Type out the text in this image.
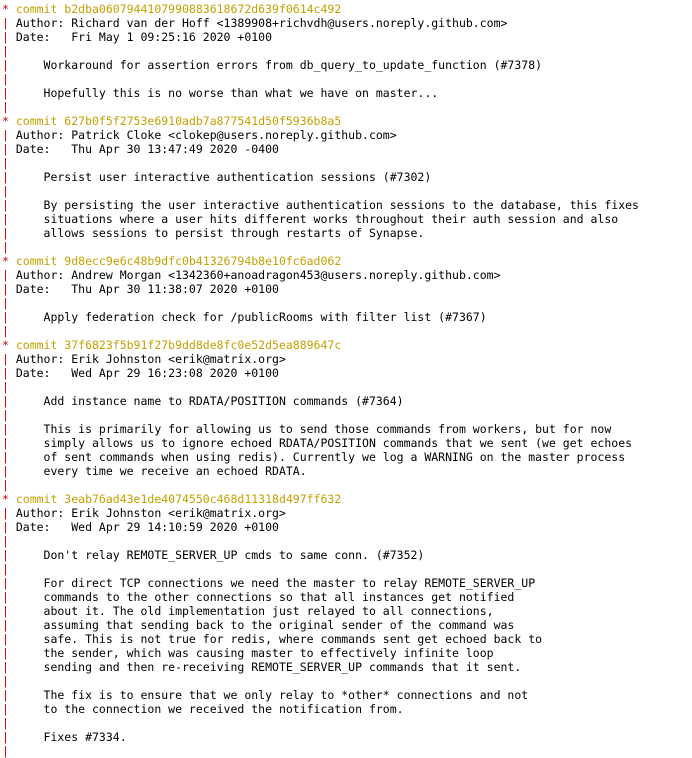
* commit b2dba0607944107990883618672d639f0614c492
| Author: Richard van der Hoff <1389908+richvdh@users.noreply.github.com>
| Date:   Fri May 1 09:25:16 2020 +0100
|
|    Workaround for assertion errors from db_query_to_update_function (#7378)
|
|    Hopefully this is no worse than what we have on master...
|
* commit 627b0f5f2753e6910adb7a877541d50f5936b8a5
| Author: Patrick Cloke <clokep@users.noreply.github.com>
| Date:   Thu Apr 30 13:47:49 2020 -0400
|
|    Persist user interactive authentication sessions (#7302)
|
|    By persisting the user interactive authentication sessions to the database, this fixes
|    situations where a user hits different works throughout their auth session and also
|    allows sessions to persist through restarts of Synapse.
|
* commit 9d8ecc9e6c48b9dfc0b41326794b8e10fc6ad062
| Author: Andrew Morgan <1342360+anoadragon453@users.noreply.github.com>
| Date:   Thu Apr 30 11:38:07 2020 +0100
|
|    Apply federation check for /publicRooms with filter list (#7367)
|
* commit 37f6823f5b91f27b9dd8de8fc0e52d5ea889647c
| Author: Erik Johnston <erik@matrix.org>
| Date:   Wed Apr 29 16:23:08 2020 +0100
|
|    Add instance name to RDATA/POSITION commands (#7364)
|
|    This is primarily for allowing us to send those commands from workers, but for now
|    simply allows us to ignore echoed RDATA/POSITION commands that we sent (we get echoes
|    of sent commands when using redis). Currently we log a WARNING on the master process
|    every time we receive an echoed RDATA.
|
* commit 3eab76ad43e1de4074550c468d11318d497ff632
| Author: Erik Johnston <erik@matrix.org>
| Date:   Wed Apr 29 14:10:59 2020 +0100
|
|    Don't relay REMOTE_SERVER_UP cmds to same conn. (#7352)
|
|    For direct TCP connections we need the master to relay REMOTE_SERVER_UP
|    commands to the other connections so that all instances get notified
|    about it. The old implementation just relayed to all connections,
|    assuming that sending back to the original sender of the command was
|    safe. This is not true for redis, where commands sent get echoed back to
|    the sender, which was causing master to effectively infinite loop
|    sending and then re-receiving REMOTE_SERVER_UP commands that it sent.
|
|    The fix is to ensure that we only relay to *other* connections and not
|    to the connection we received the notification from.
|
|    Fixes #7334.
|
